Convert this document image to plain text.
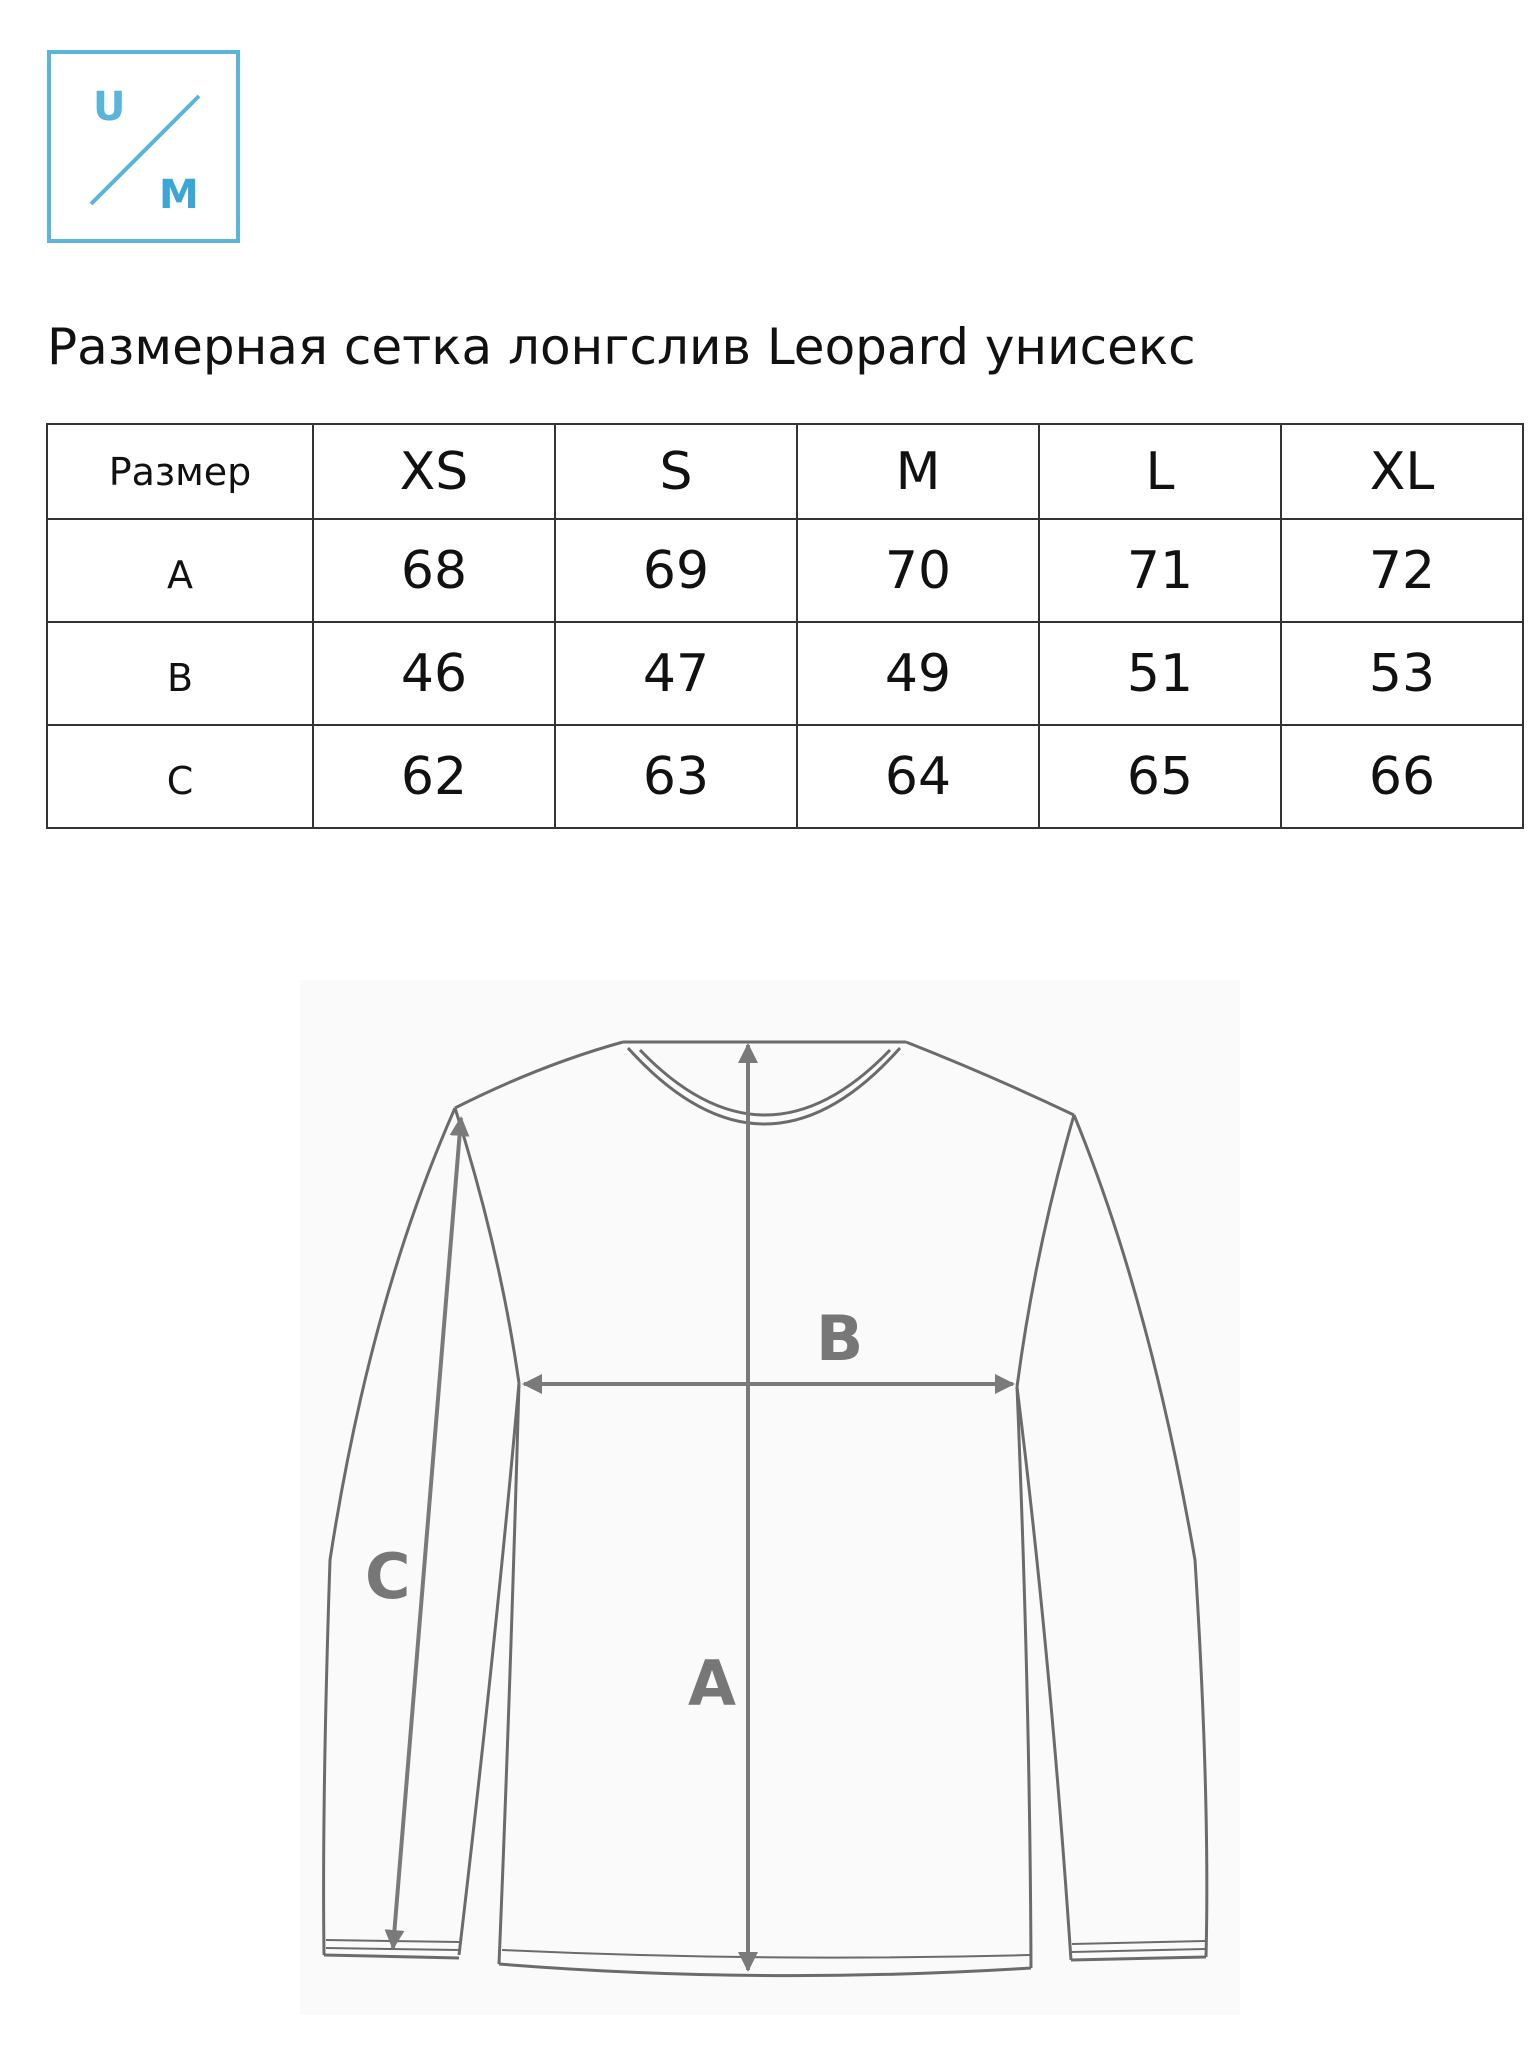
U
M
Размерная сетка лонгслив Leopard унисекс
Размер	XS	S	M	L	XL
A	68	69	70	71	72
B	46	47	49	51	53
C	62	63	64	65	66
B
A
C
